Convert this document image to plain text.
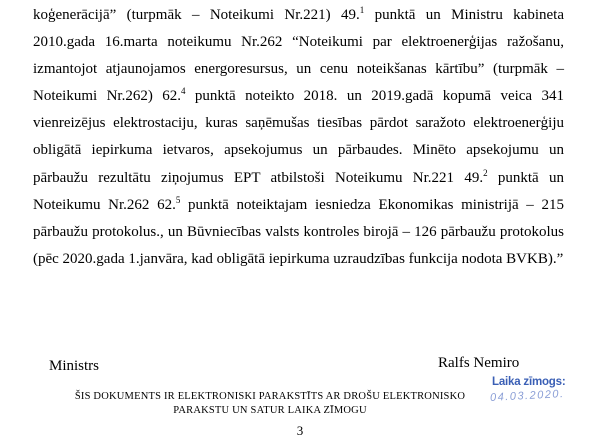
koģenerācijā” (turpmāk – Noteikumi Nr.221) 49.$^1$ punktā un Ministru kabineta 2010.gada 16.marta noteikumu Nr.262 “Noteikumi par elektroenerģijas ražošanu, izmantojot atjaunojamos energoresursus, un cenu noteikšanas kārtību” (turpmāk – Noteikumi Nr.262) 62.$^4$ punktā noteikto 2018. un 2019.gadā kopumā veica 341 vienreizējus elektrostaciju, kuras saņēmušas tiesības pārdot saražoto elektroenerģiju obligātā iepirkuma ietvaros, apsekojumus un pārbaudes. Minēto apsekojumu un pārbaužu rezultātu ziņojumus EPT atbilstoši Noteikumu Nr.221 49.$^2$ punktā un Noteikumu Nr.262 62.$^5$ punktā noteiktajam iesniedza Ekonomikas ministrijā – 215 pārbaužu protokolus., un Būvniecības valsts kontroles birojā – 126 pārbaužu protokolus (pēc 2020.gada 1.janvāra, kad obligātā iepirkuma uzraudzības funkcija nodota BVKB).”

Ministrs	Ralfs Nemiro
ŠIS DOKUMENTS IR ELEKTRONISKI PARAKSTĪTS AR DROŠU ELEKTRONISKO
PARAKSTU UN SATUR LAIKA ZĪMOGU
Laika zīmogs:
04.03.2020.
3
